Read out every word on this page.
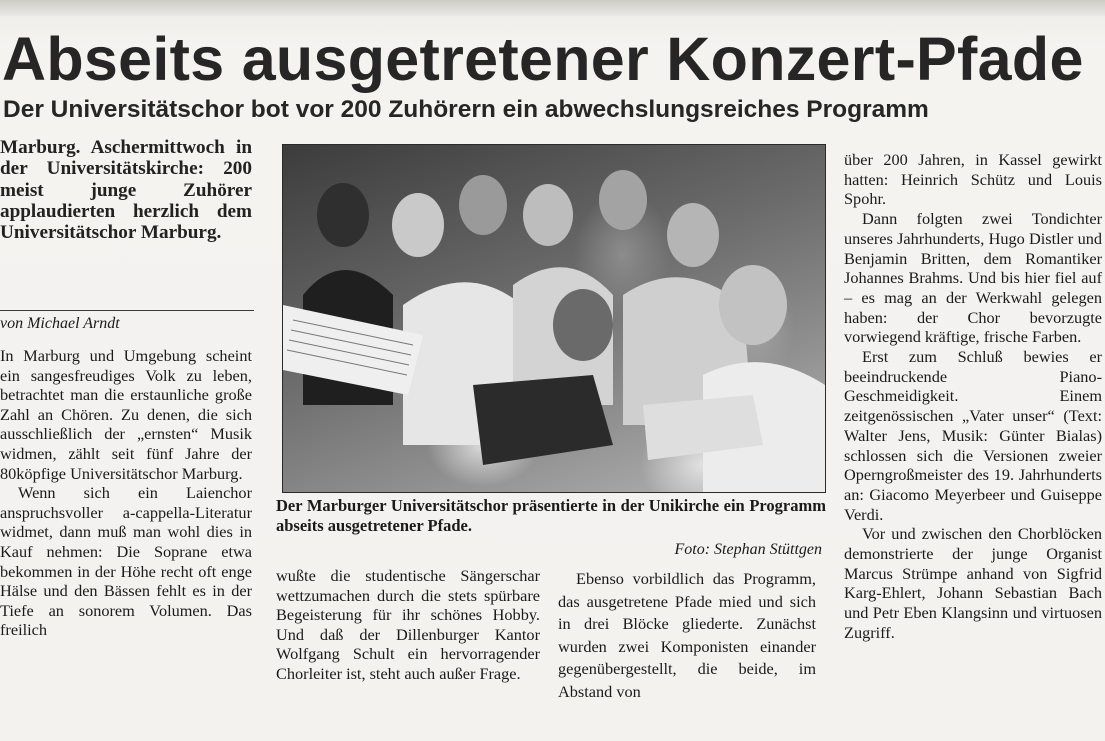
Abseits ausgetretener Konzert-Pfade
Der Universitätschor bot vor 200 Zuhörern ein abwechslungsreiches Programm

Marburg. Aschermittwoch in der Universitätskirche: 200 meist junge Zuhörer applaudierten herzlich dem Universitätschor Marburg.

von Michael Arndt

In Marburg und Umgebung scheint ein sangesfreudiges Volk zu leben, betrachtet man die erstaunliche große Zahl an Chören. Zu denen, die sich ausschließlich der „ernsten“ Musik widmen, zählt seit fünf Jahre der 80köpfige Universitätschor Marburg.

Wenn sich ein Laienchor anspruchsvoller a-cappella-Literatur widmet, dann muß man wohl dies in Kauf nehmen: Die Soprane etwa bekommen in der Höhe recht oft enge Hälse und den Bässen fehlt es in der Tiefe an sonorem Volumen. Das freilich

Der Marburger Universitätschor präsentierte in der Unikirche ein Programm abseits ausgetretener Pfade.

Foto: Stephan Stüttgen

wußte die studentische Sängerschar wettzumachen durch die stets spürbare Begeisterung für ihr schönes Hobby. Und daß der Dillenburger Kantor Wolfgang Schult ein hervorragender Chorleiter ist, steht auch außer Frage.

Ebenso vorbildlich das Programm, das ausgetretene Pfade mied und sich in drei Blöcke gliederte. Zunächst wurden zwei Komponisten einander gegenübergestellt, die beide, im Abstand von

über 200 Jahren, in Kassel gewirkt hatten: Heinrich Schütz und Louis Spohr.

Dann folgten zwei Tondichter unseres Jahrhunderts, Hugo Distler und Benjamin Britten, dem Romantiker Johannes Brahms. Und bis hier fiel auf – es mag an der Werkwahl gelegen haben: der Chor bevorzugte vorwiegend kräftige, frische Farben.

Erst zum Schluß bewies er beeindruckende Piano-Geschmeidigkeit. Einem zeitgenössischen „Vater unser“ (Text: Walter Jens, Musik: Günter Bialas) schlossen sich die Versionen zweier Operngroßmeister des 19. Jahrhunderts an: Giacomo Meyerbeer und Guiseppe Verdi.

Vor und zwischen den Chorblöcken demonstrierte der junge Organist Marcus Strümpe anhand von Sigfrid Karg-Ehlert, Johann Sebastian Bach und Petr Eben Klangsinn und virtuosen Zugriff.
